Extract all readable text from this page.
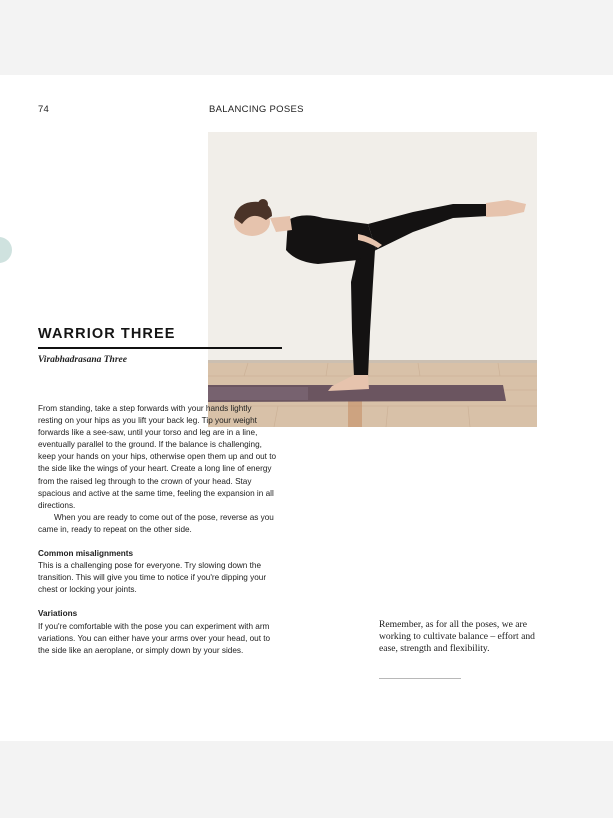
74	BALANCING POSES
WARRIOR THREE
Virabhadrasana Three

From standing, take a step forwards with your hands lightly resting on your hips as you lift your back leg. Tip your weight forwards like a see-saw, until your torso and leg are in a line, eventually parallel to the ground. If the balance is challenging, keep your hands on your hips, otherwise open them up and out to the side like the wings of your heart. Create a long line of energy from the raised leg through to the crown of your head. Stay spacious and active at the same time, feeling the expansion in all directions.

When you are ready to come out of the pose, reverse as you came in, ready to repeat on the other side.

Common misalignments

This is a challenging pose for everyone. Try slowing down the transition. This will give you time to notice if you're dipping your chest or locking your joints.

Variations

If you're comfortable with the pose you can experiment with arm variations. You can either have your arms over your head, out to the side like an aeroplane, or simply down by your sides.

Remember, as for all the poses, we are working to cultivate balance – effort and ease, strength and flexibility.
